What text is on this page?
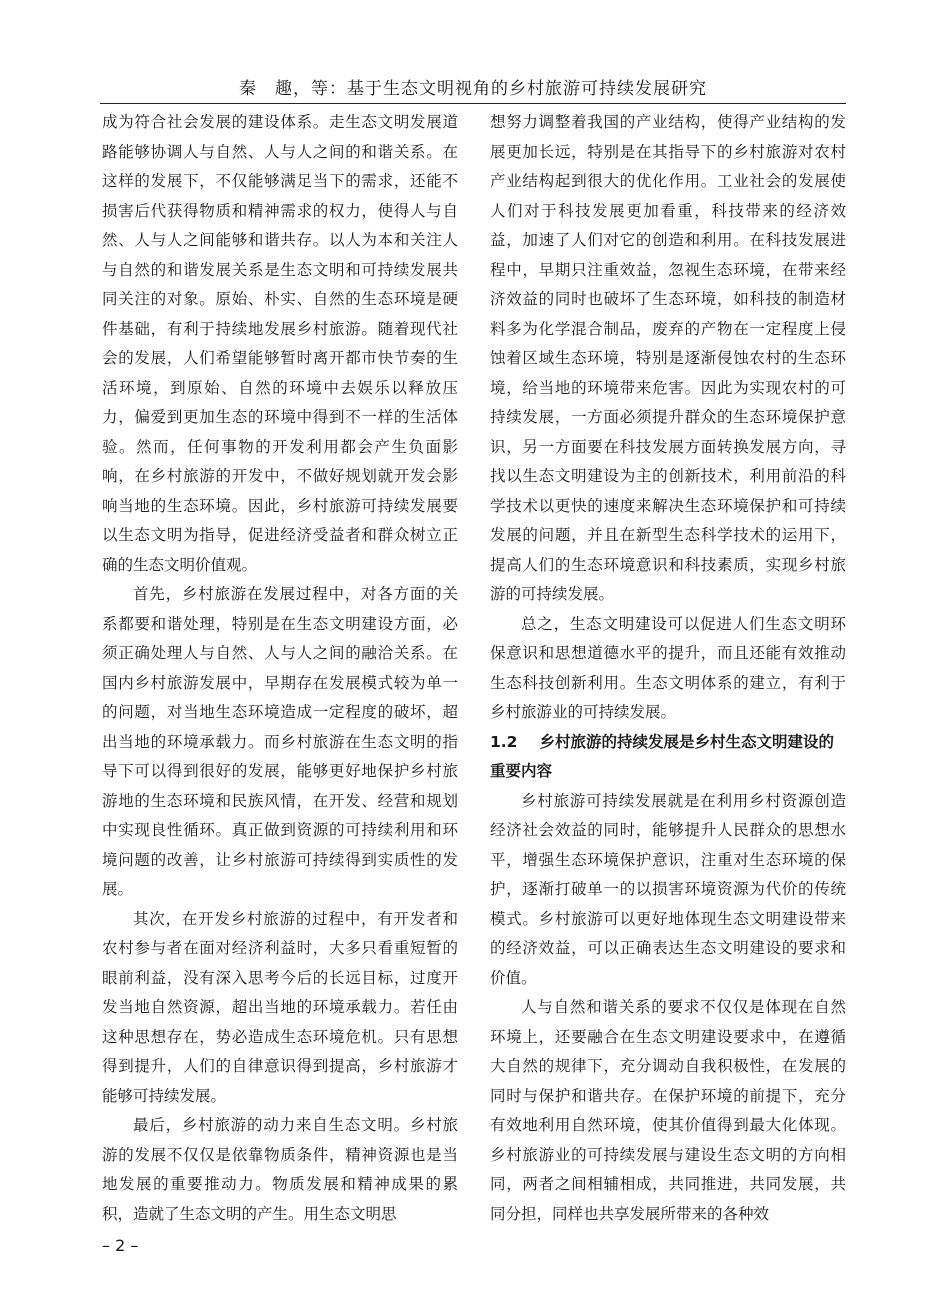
秦　趣，等：基于生态文明视角的乡村旅游可持续发展研究

成为符合社会发展的建设体系。走生态文明发展道路能够协调人与自然、人与人之间的和谐关系。在这样的发展下，不仅能够满足当下的需求，还能不损害后代获得物质和精神需求的权力，使得人与自然、人与人之间能够和谐共存。以人为本和关注人与自然的和谐发展关系是生态文明和可持续发展共同关注的对象。原始、朴实、自然的生态环境是硬件基础，有利于持续地发展乡村旅游。随着现代社会的发展，人们希望能够暂时离开都市快节奏的生活环境，到原始、自然的环境中去娱乐以释放压力，偏爱到更加生态的环境中得到不一样的生活体验。然而，任何事物的开发利用都会产生负面影响，在乡村旅游的开发中，不做好规划就开发会影响当地的生态环境。因此，乡村旅游可持续发展要以生态文明为指导，促进经济受益者和群众树立正确的生态文明价值观。

首先，乡村旅游在发展过程中，对各方面的关系都要和谐处理，特别是在生态文明建设方面，必须正确处理人与自然、人与人之间的融洽关系。在国内乡村旅游发展中，早期存在发展模式较为单一的问题，对当地生态环境造成一定程度的破坏，超出当地的环境承载力。而乡村旅游在生态文明的指导下可以得到很好的发展，能够更好地保护乡村旅游地的生态环境和民族风情，在开发、经营和规划中实现良性循环。真正做到资源的可持续利用和环境问题的改善，让乡村旅游可持续得到实质性的发展。

其次，在开发乡村旅游的过程中，有开发者和农村参与者在面对经济利益时，大多只看重短暂的眼前利益，没有深入思考今后的长远目标，过度开发当地自然资源，超出当地的环境承载力。若任由这种思想存在，势必造成生态环境危机。只有思想得到提升，人们的自律意识得到提高，乡村旅游才能够可持续发展。

最后，乡村旅游的动力来自生态文明。乡村旅游的发展不仅仅是依靠物质条件，精神资源也是当地发展的重要推动力。物质发展和精神成果的累积，造就了生态文明的产生。用生态文明思

想努力调整着我国的产业结构，使得产业结构的发展更加长远，特别是在其指导下的乡村旅游对农村产业结构起到很大的优化作用。工业社会的发展使人们对于科技发展更加看重，科技带来的经济效益，加速了人们对它的创造和利用。在科技发展进程中，早期只注重效益，忽视生态环境，在带来经济效益的同时也破坏了生态环境，如科技的制造材料多为化学混合制品，废弃的产物在一定程度上侵蚀着区域生态环境，特别是逐渐侵蚀农村的生态环境，给当地的环境带来危害。因此为实现农村的可持续发展，一方面必须提升群众的生态环境保护意识，另一方面要在科技发展方面转换发展方向，寻找以生态文明建设为主的创新技术，利用前沿的科学技术以更快的速度来解决生态环境保护和可持续发展的问题，并且在新型生态科学技术的运用下，提高人们的生态环境意识和科技素质，实现乡村旅游的可持续发展。

总之，生态文明建设可以促进人们生态文明环保意识和思想道德水平的提升，而且还能有效推动生态科技创新利用。生态文明体系的建立，有利于乡村旅游业的可持续发展。

1.2 乡村旅游的持续发展是乡村生态文明建设的重要内容

乡村旅游可持续发展就是在利用乡村资源创造经济社会效益的同时，能够提升人民群众的思想水平，增强生态环境保护意识，注重对生态环境的保护，逐渐打破单一的以损害环境资源为代价的传统模式。乡村旅游可以更好地体现生态文明建设带来的经济效益，可以正确表达生态文明建设的要求和价值。

人与自然和谐关系的要求不仅仅是体现在自然环境上，还要融合在生态文明建设要求中，在遵循大自然的规律下，充分调动自我积极性，在发展的同时与保护和谐共存。在保护环境的前提下，充分有效地利用自然环境，使其价值得到最大化体现。乡村旅游业的可持续发展与建设生态文明的方向相同，两者之间相辅相成，共同推进，共同发展，共同分担，同样也共享发展所带来的各种效

– 2 –
